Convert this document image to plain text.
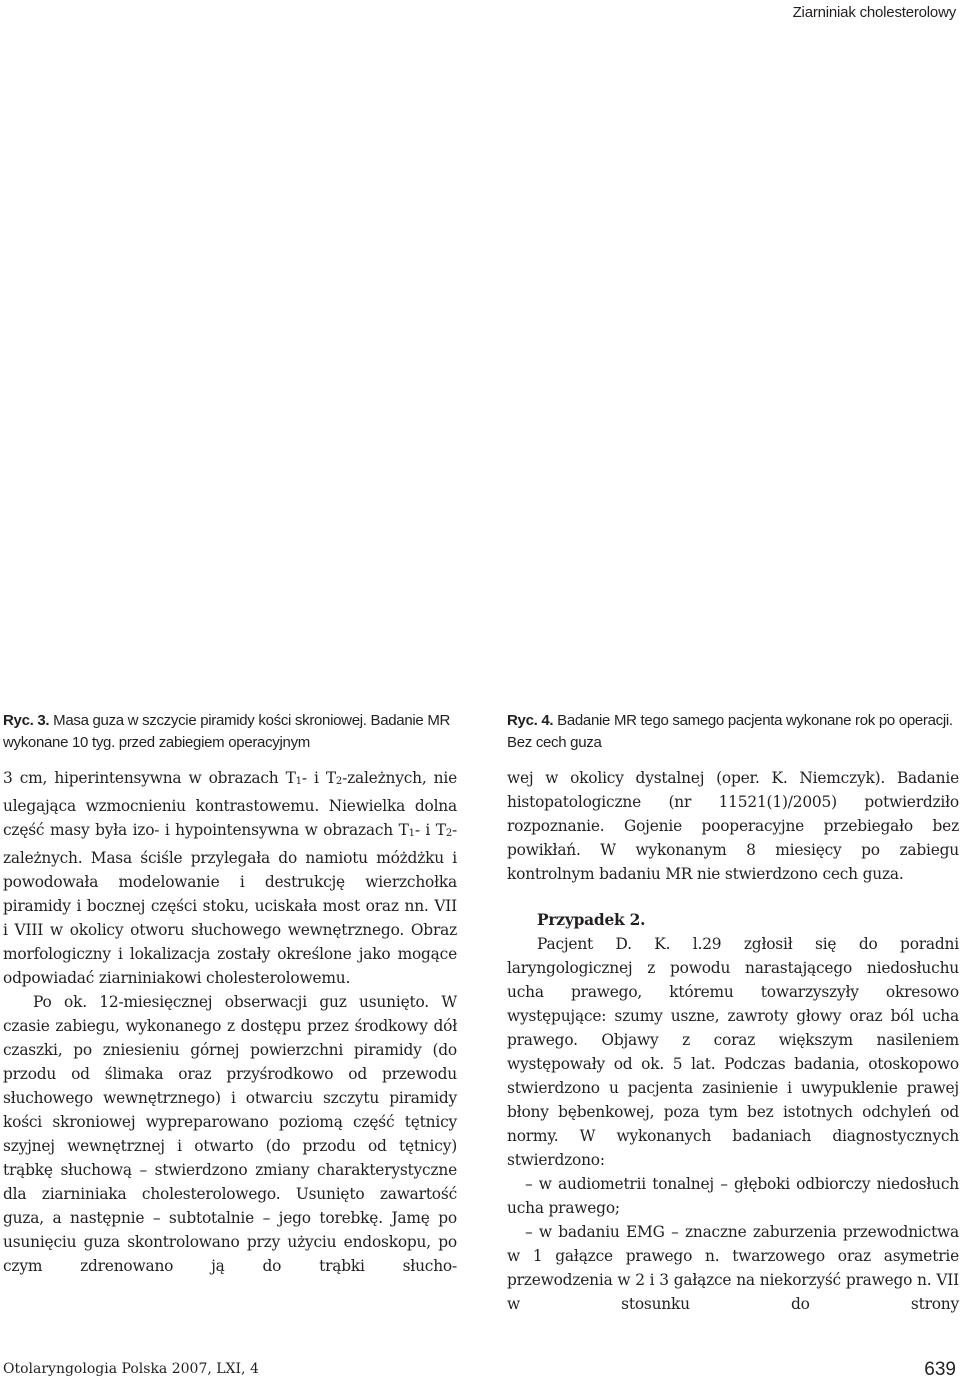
Ziarniniak cholesterolowy
Ryc. 3. Masa guza w szczycie piramidy kości skroniowej. Badanie MR wykonane 10 tyg. przed zabiegiem operacyjnym
Ryc. 4. Badanie MR tego samego pacjenta wykonane rok po operacji. Bez cech guza

3 cm, hiperintensywna w obrazach T1- i T2-zależnych, nie ulegająca wzmocnieniu kontrastowemu. Niewielka dolna część masy była izo- i hypointensywna w obrazach T1- i T2-zależnych. Masa ściśle przylegała do namiotu móżdżku i powodowała modelowanie i destrukcję wierzchołka piramidy i bocznej części stoku, uciskała most oraz nn. VII i VIII w okolicy otworu słuchowego wewnętrznego. Obraz morfologiczny i lokalizacja zostały określone jako mogące odpowiadać ziarniniakowi cholesterolowemu.

Po ok. 12-miesięcznej obserwacji guz usunięto. W czasie zabiegu, wykonanego z dostępu przez środkowy dół czaszki, po zniesieniu górnej powierzchni piramidy (do przodu od ślimaka oraz przyśrodkowo od przewodu słuchowego wewnętrznego) i otwarciu szczytu piramidy kości skroniowej wypreparowano poziomą część tętnicy szyjnej wewnętrznej i otwarto (do przodu od tętnicy) trąbkę słuchową – stwierdzono zmiany charakterystyczne dla ziarniniaka cholesterolowego. Usunięto zawartość guza, a następnie – subtotalnie – jego torebkę. Jamę po usunięciu guza skontrolowano przy użyciu endoskopu, po czym zdrenowano ją do trąbki słucho-

wej w okolicy dystalnej (oper. K. Niemczyk). Badanie histopatologiczne (nr 11521(1)/2005) potwierdziło rozpoznanie. Gojenie pooperacyjne przebiegało bez powikłań. W wykonanym 8 miesięcy po zabiegu kontrolnym badaniu MR nie stwierdzono cech guza.

Przypadek 2.

Pacjent D. K. l.29 zgłosił się do poradni laryngologicznej z powodu narastającego niedosłuchu ucha prawego, któremu towarzyszyły okresowo występujące: szumy uszne, zawroty głowy oraz ból ucha prawego. Objawy z coraz większym nasileniem występowały od ok. 5 lat. Podczas badania, otoskopowo stwierdzono u pacjenta zasinienie i uwypuklenie prawej błony bębenkowej, poza tym bez istotnych odchyleń od normy. W wykonanych badaniach diagnostycznych stwierdzono:

– w audiometrii tonalnej – głęboki odbiorczy niedosłuch ucha prawego;

– w badaniu EMG – znaczne zaburzenia przewodnictwa w 1 gałązce prawego n. twarzowego oraz asymetrie przewodzenia w 2 i 3 gałązce na niekorzyść prawego n. VII w stosunku do strony

Otolaryngologia Polska 2007, LXI, 4	639
